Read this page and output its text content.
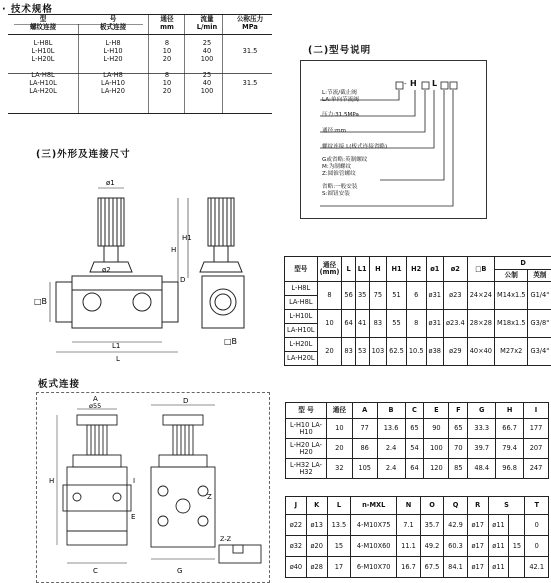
· 技术规格
型	号	通径	流量	公称压力
螺纹连接	板式连接	mm	L/min	MPa

L-H8L	L-H8	8	25	
L-H10L	L-H10	10	40	31.5
L-H20L	L-H20	20	100	

LA-H8L	LA-H8	8	25	
LA-H10L	LA-H10	10	40	31.5
LA-H20L	LA-H20	20	100	
(二)型号说明
- H L
L:节流/截止阀
LA:单向节流阀
压力:31.5MPa
通径:mm
螺纹连接 L(板式连接省略)
G或省略:英制螺纹
M:为制螺纹
Z:圆锥管螺纹
省略:一般安装
S:圆钮安装
(三)外形及连接尺寸
ø1
ø2
□B
H
H1
D
L1
L
□B
型号	通径(mm)	L	L1	H	H1	H2	ø1	ø2	□B	D	
										公制	英制
L-H8L	8	56	35	75	51	6	ø31	ø23	24×24	M14x1.5	G1/4"
LA-H8L											
L-H10L	10	64	41	83	55	8	ø31	ø23.4	28×28	M18x1.5	G3/8"
LA-H10L											
L-H20L	20	83	53	103	62.5	10.5	ø38	ø29	40×40	M27x2	G3/4"
LA-H20L											
板式连接
A
ø55
D
H	I
E
C	G
Z-Z
Z
型 号	通径	A	B	C	E	F	G	H	I
L-H10 LA-H10	10	77	13.6	65	90	65	33.3	66.7	177
L-H20 LA-H20	20	86	2.4	54	100	70	39.7	79.4	207
L-H32 LA-H32	32	105	2.4	64	120	85	48.4	96.8	247
J	K	L	n-MXL	N	O	Q	R	S		T
ø22	ø13	13.5	4-M10X75	7.1	35.7	42.9	ø17	ø11		0
ø32	ø20	15	4-M10X60	11.1	49.2	60.3	ø17	ø11	15	0
ø40	ø28	17	6-M10X70	16.7	67.5	84.1	ø17	ø11		42.1
